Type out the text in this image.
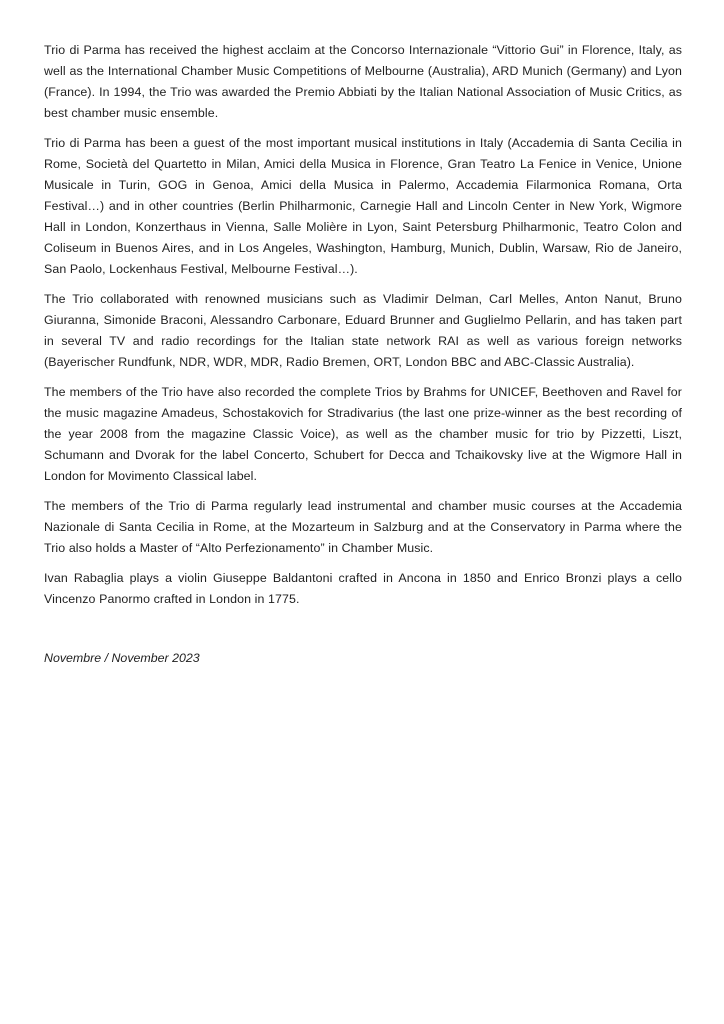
Trio di Parma has received the highest acclaim at the Concorso Internazionale “Vittorio Gui” in Florence, Italy, as well as the International Chamber Music Competitions of Melbourne (Australia), ARD Munich (Germany) and Lyon (France). In 1994, the Trio was awarded the Premio Abbiati by the Italian National Association of Music Critics, as best chamber music ensemble.

Trio di Parma has been a guest of the most important musical institutions in Italy (Accademia di Santa Cecilia in Rome, Società del Quartetto in Milan, Amici della Musica in Florence, Gran Teatro La Fenice in Venice, Unione Musicale in Turin, GOG in Genoa, Amici della Musica in Palermo, Accademia Filarmonica Romana, Orta Festival…) and in other countries (Berlin Philharmonic, Carnegie Hall and Lincoln Center in New York, Wigmore Hall in London, Konzerthaus in Vienna, Salle Molière in Lyon, Saint Petersburg Philharmonic, Teatro Colon and Coliseum in Buenos Aires, and in Los Angeles, Washington, Hamburg, Munich, Dublin, Warsaw, Rio de Janeiro, San Paolo, Lockenhaus Festival, Melbourne Festival…).

The Trio collaborated with renowned musicians such as Vladimir Delman, Carl Melles, Anton Nanut, Bruno Giuranna, Simonide Braconi, Alessandro Carbonare, Eduard Brunner and Guglielmo Pellarin, and has taken part in several TV and radio recordings for the Italian state network RAI as well as various foreign networks (Bayerischer Rundfunk, NDR, WDR, MDR, Radio Bremen, ORT, London BBC and ABC-Classic Australia).

The members of the Trio have also recorded the complete Trios by Brahms for UNICEF, Beethoven and Ravel for the music magazine Amadeus, Schostakovich for Stradivarius (the last one prize-winner as the best recording of the year 2008 from the magazine Classic Voice), as well as the chamber music for trio by Pizzetti, Liszt, Schumann and Dvorak for the label Concerto, Schubert for Decca and Tchaikovsky live at the Wigmore Hall in London for Movimento Classical label.

The members of the Trio di Parma regularly lead instrumental and chamber music courses at the Accademia Nazionale di Santa Cecilia in Rome, at the Mozarteum in Salzburg and at the Conservatory in Parma where the Trio also holds a Master of “Alto Perfezionamento” in Chamber Music.

Ivan Rabaglia plays a violin Giuseppe Baldantoni crafted in Ancona in 1850 and Enrico Bronzi plays a cello Vincenzo Panormo crafted in London in 1775.

Novembre / November 2023
